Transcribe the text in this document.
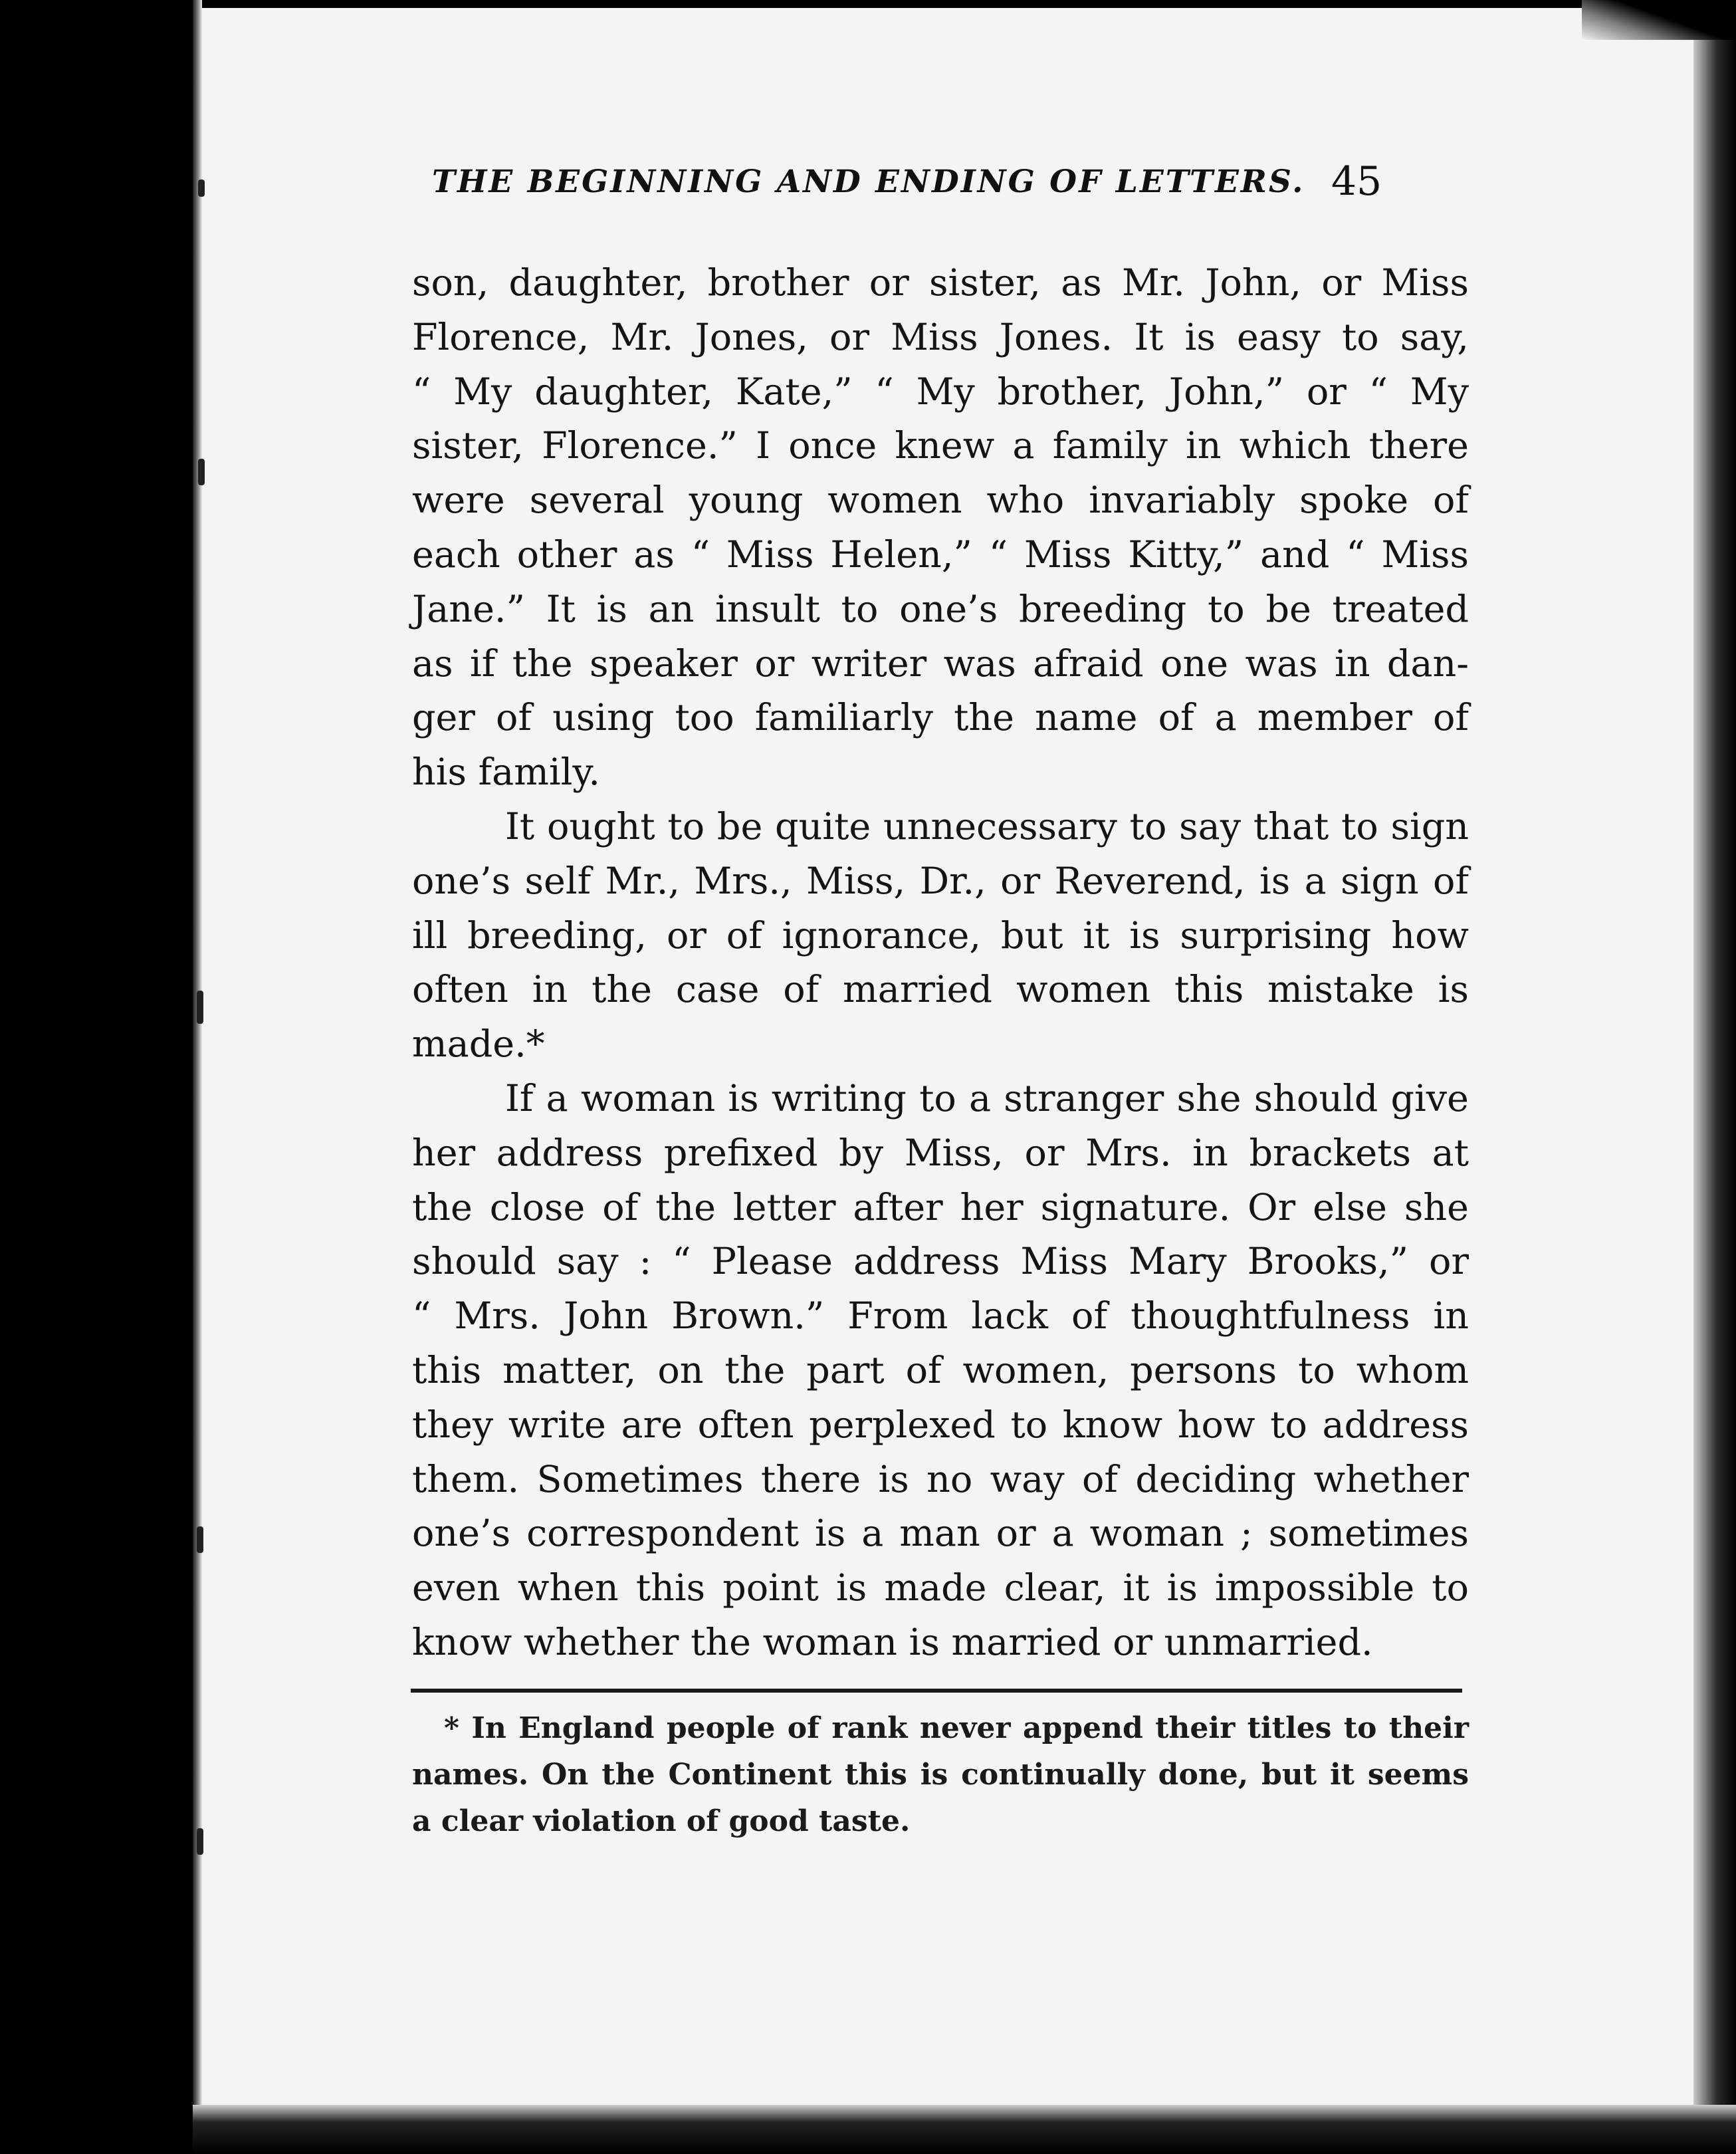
THE BEGINNING AND ENDING OF LETTERS. 45

son, daughter, brother or sister, as Mr. John, or Miss
Florence, Mr. Jones, or Miss Jones. It is easy to say,
“ My daughter, Kate,” “ My brother, John,” or “ My
sister, Florence.” I once knew a family in which there
were several young women who invariably spoke of
each other as “ Miss Helen,” “ Miss Kitty,” and “ Miss
Jane.” It is an insult to one’s breeding to be treated
as if the speaker or writer was afraid one was in dan-
ger of using too familiarly the name of a member of
his family.

It ought to be quite unnecessary to say that to sign
one’s self Mr., Mrs., Miss, Dr., or Reverend, is a sign of
ill breeding, or of ignorance, but it is surprising how
often in the case of married women this mistake is
made.*

If a woman is writing to a stranger she should give
her address prefixed by Miss, or Mrs. in brackets at
the close of the letter after her signature. Or else she
should say : “ Please address Miss Mary Brooks,” or
“ Mrs. John Brown.” From lack of thoughtfulness in
this matter, on the part of women, persons to whom
they write are often perplexed to know how to address
them. Sometimes there is no way of deciding whether
one’s correspondent is a man or a woman ; sometimes
even when this point is made clear, it is impossible to
know whether the woman is married or unmarried.

* In England people of rank never append their titles to their
names. On the Continent this is continually done, but it seems
a clear violation of good taste.
